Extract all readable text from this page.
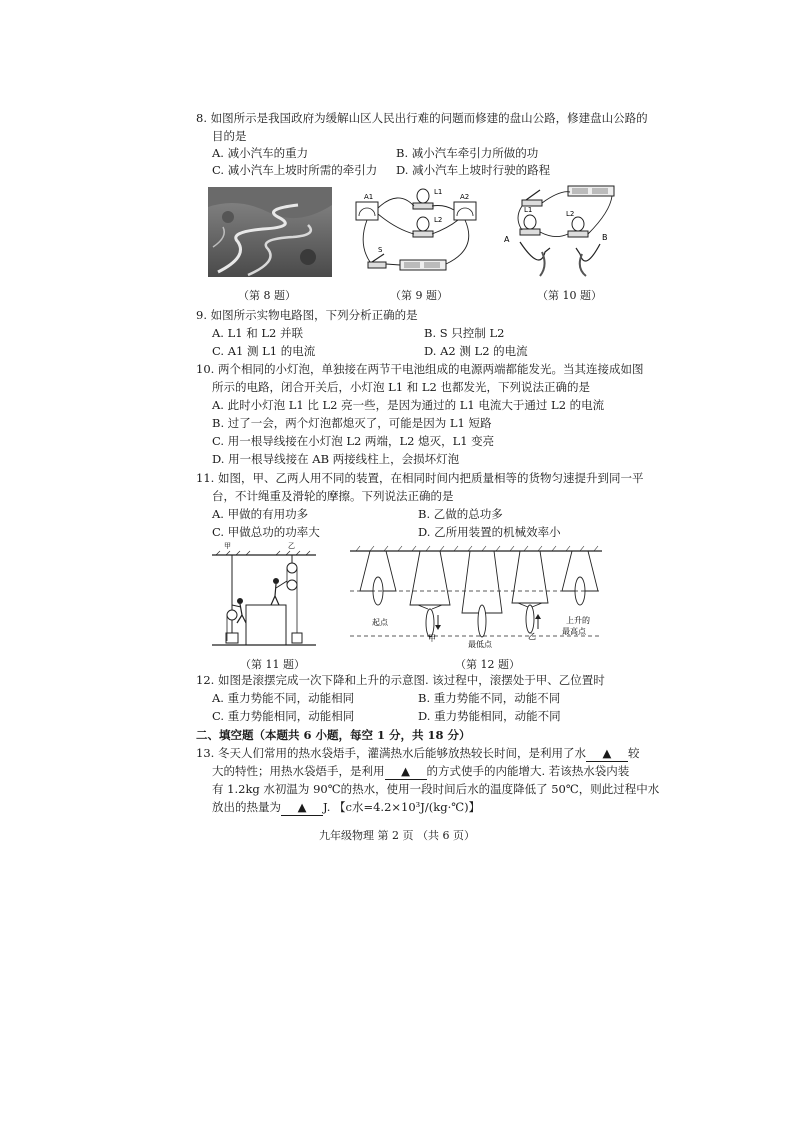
8. 如图所示是我国政府为缓解山区人民出行难的问题而修建的盘山公路，修建盘山公路的
目的是
A. 减小汽车的重力	B. 减小汽车牵引力所做的功
C. 减小汽车上坡时所需的牵引力 D. 减小汽车上坡时行驶的路程
A1
L1
A2
L2
S
L1	L2
A	B
（第 8 题）	（第 9 题）	（第 10 题）
9. 如图所示实物电路图，下列分析正确的是
A. L1 和 L2 并联	B. S 只控制 L2
C. A1 测 L1 的电流	D. A2 测 L2 的电流
10. 两个相同的小灯泡，单独接在两节干电池组成的电源两端都能发光。当其连接成如图
所示的电路，闭合开关后，小灯泡 L1 和 L2 也都发光，下列说法正确的是
A. 此时小灯泡 L1 比 L2 亮一些，是因为通过的 L1 电流大于通过 L2 的电流
B. 过了一会，两个灯泡都熄灭了，可能是因为 L1 短路
C. 用一根导线接在小灯泡 L2 两端，L2 熄灭，L1 变亮
D. 用一根导线接在 AB 两接线柱上，会损坏灯泡
11. 如图，甲、乙两人用不同的装置，在相同时间内把质量相等的货物匀速提升到同一平
台，不计绳重及滑轮的摩擦。下列说法正确的是
A. 甲做的有用功多	B. 乙做的总功多
C. 甲做总功的功率大	D. 乙所用装置的机械效率小
甲	乙
起点
甲
最低点
乙
上升的
最高点
（第 11 题）	（第 12 题）
12. 如图是滚摆完成一次下降和上升的示意图. 该过程中，滚摆处于甲、乙位置时
A. 重力势能不同，动能相同	B. 重力势能不同，动能不同
C. 重力势能相同，动能相同	D. 重力势能相同，动能不同
二、填空题（本题共 6 小题，每空 1 分，共 18 分）
13. 冬天人们常用的热水袋焐手，灌满热水后能够放热较长时间，是利用了水 ▲ 较
大的特性；用热水袋焐手，是利用 ▲ 的方式使手的内能增大. 若该热水袋内装
有 1.2kg 水初温为 90℃的热水，使用一段时间后水的温度降低了 50℃，则此过程中水
放出的热量为 ▲ J. 【c水=4.2×10³J/(kg·℃)】
九年级物理 第 2 页 （共 6 页）
